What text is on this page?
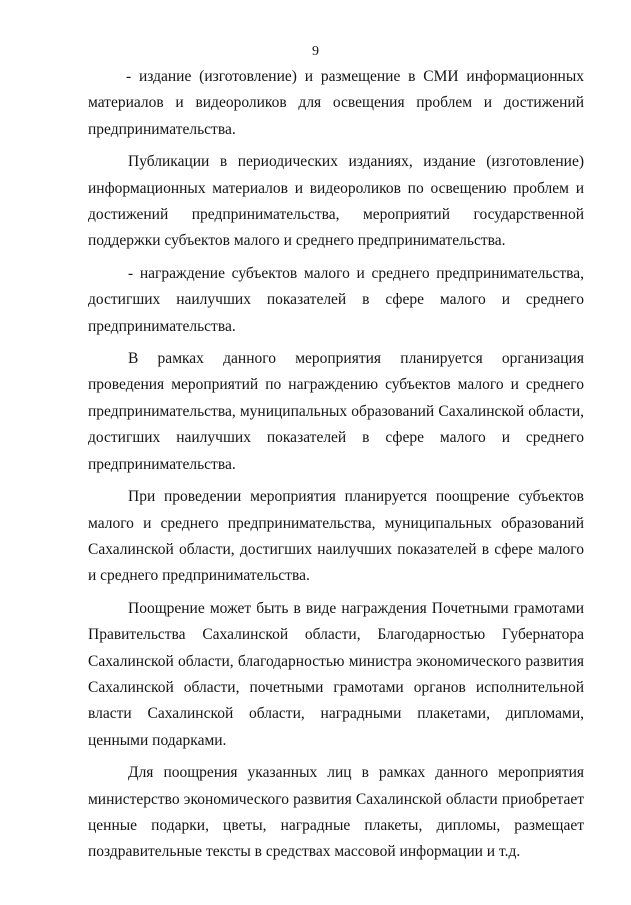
9

- издание (изготовление) и размещение в СМИ информационных материалов и видеороликов для освещения проблем и достижений предпринимательства.

Публикации в периодических изданиях, издание (изготовление) информационных материалов и видеороликов по освещению проблем и достижений предпринимательства, мероприятий государственной поддержки субъектов малого и среднего предпринимательства.

- награждение субъектов малого и среднего предпринимательства, достигших наилучших показателей в сфере малого и среднего предпринимательства.

В рамках данного мероприятия планируется организация проведения мероприятий по награждению субъектов малого и среднего предпринимательства, муниципальных образований Сахалинской области, достигших наилучших показателей в сфере малого и среднего предпринимательства.

При проведении мероприятия планируется поощрение субъектов малого и среднего предпринимательства, муниципальных образований Сахалинской области, достигших наилучших показателей в сфере малого и среднего предпринимательства.

Поощрение может быть в виде награждения Почетными грамотами Правительства Сахалинской области, Благодарностью Губернатора Сахалинской области, благодарностью министра экономического развития Сахалинской области, почетными грамотами органов исполнительной власти Сахалинской области, наградными плакетами, дипломами, ценными подарками.

Для поощрения указанных лиц в рамках данного мероприятия министерство экономического развития Сахалинской области приобретает ценные подарки, цветы, наградные плакеты, дипломы, размещает поздравительные тексты в средствах массовой информации и т.д.
